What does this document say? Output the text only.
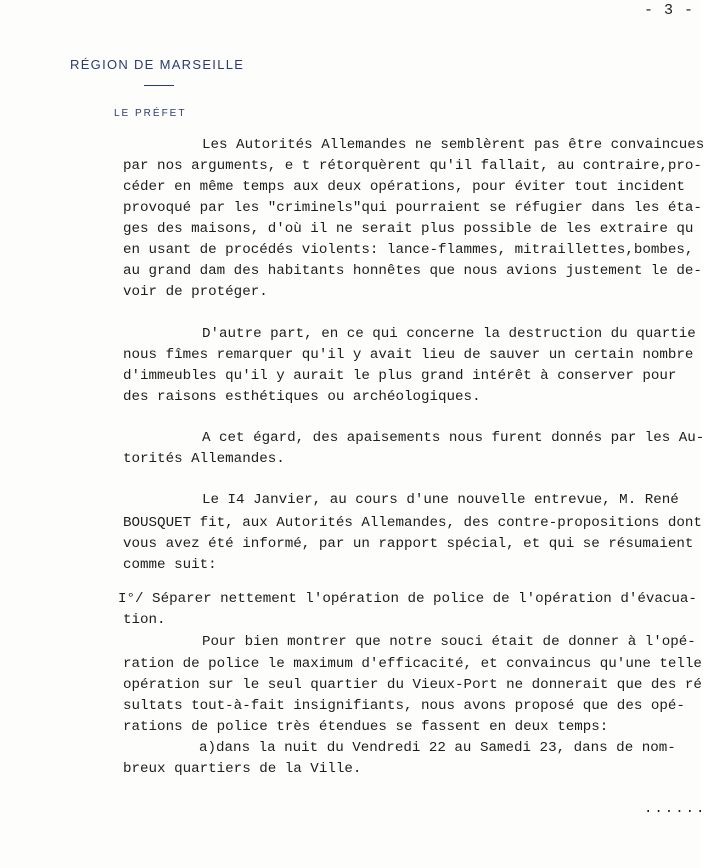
- 3 -
RÉGION DE MARSEILLE
LE PRÉFET
Les Autorités Allemandes ne semblèrent pas être convaincues
par nos arguments, e t rétorquèrent qu'il fallait, au contraire,pro-
céder en même temps aux deux opérations, pour éviter tout incident
provoqué par les "criminels"qui pourraient se réfugier dans les éta-
ges des maisons, d'où il ne serait plus possible de les extraire qu
en usant de procédés violents: lance-flammes, mitraillettes,bombes,
au grand dam des habitants honnêtes que nous avions justement le de-
voir de protéger.
D'autre part, en ce qui concerne la destruction du quartie
nous fîmes remarquer qu'il y avait lieu de sauver un certain nombre
d'immeubles qu'il y aurait le plus grand intérêt à conserver pour
des raisons esthétiques ou archéologiques.
A cet égard, des apaisements nous furent donnés par les Au-
torités Allemandes.
Le I4 Janvier, au cours d'une nouvelle entrevue, M. René
BOUSQUET fit, aux Autorités Allemandes, des contre-propositions dont
vous avez été informé, par un rapport spécial, et qui se résumaient
comme suit:
I°/ Séparer nettement l'opération de police de l'opération d'évacua-
tion.
Pour bien montrer que notre souci était de donner à l'opé-
ration de police le maximum d'efficacité, et convaincus qu'une telle
opération sur le seul quartier du Vieux-Port ne donnerait que des ré
sultats tout-à-fait insignifiants, nous avons proposé que des opé-
rations de police très étendues se fassent en deux temps:
a)dans la nuit du Vendredi 22 au Samedi 23, dans de nom-
breux quartiers de la Ville.
......
